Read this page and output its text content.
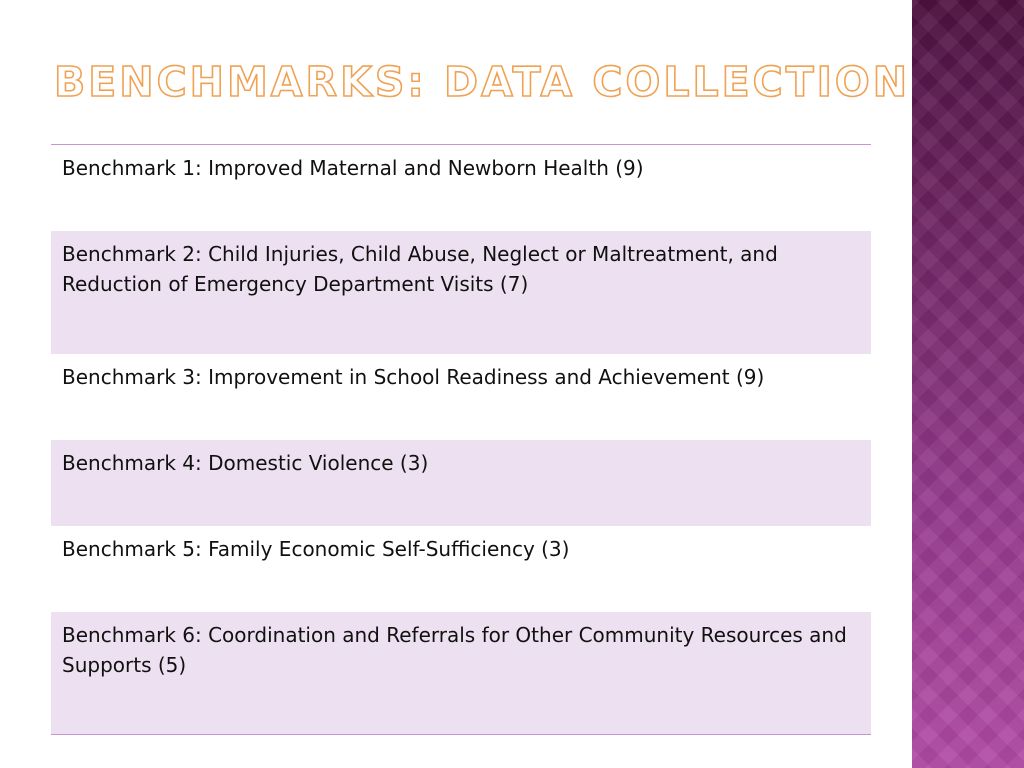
BENCHMARKS: DATA COLLECTION
Benchmark 1: Improved Maternal and Newborn Health (9)
Benchmark 2: Child Injuries, Child Abuse, Neglect or Maltreatment, and Reduction of Emergency Department Visits (7)
Benchmark 3: Improvement in School Readiness and Achievement (9)
Benchmark 4: Domestic Violence (3)
Benchmark 5: Family Economic Self-Sufficiency (3)
Benchmark 6: Coordination and Referrals for Other Community Resources and Supports (5)
